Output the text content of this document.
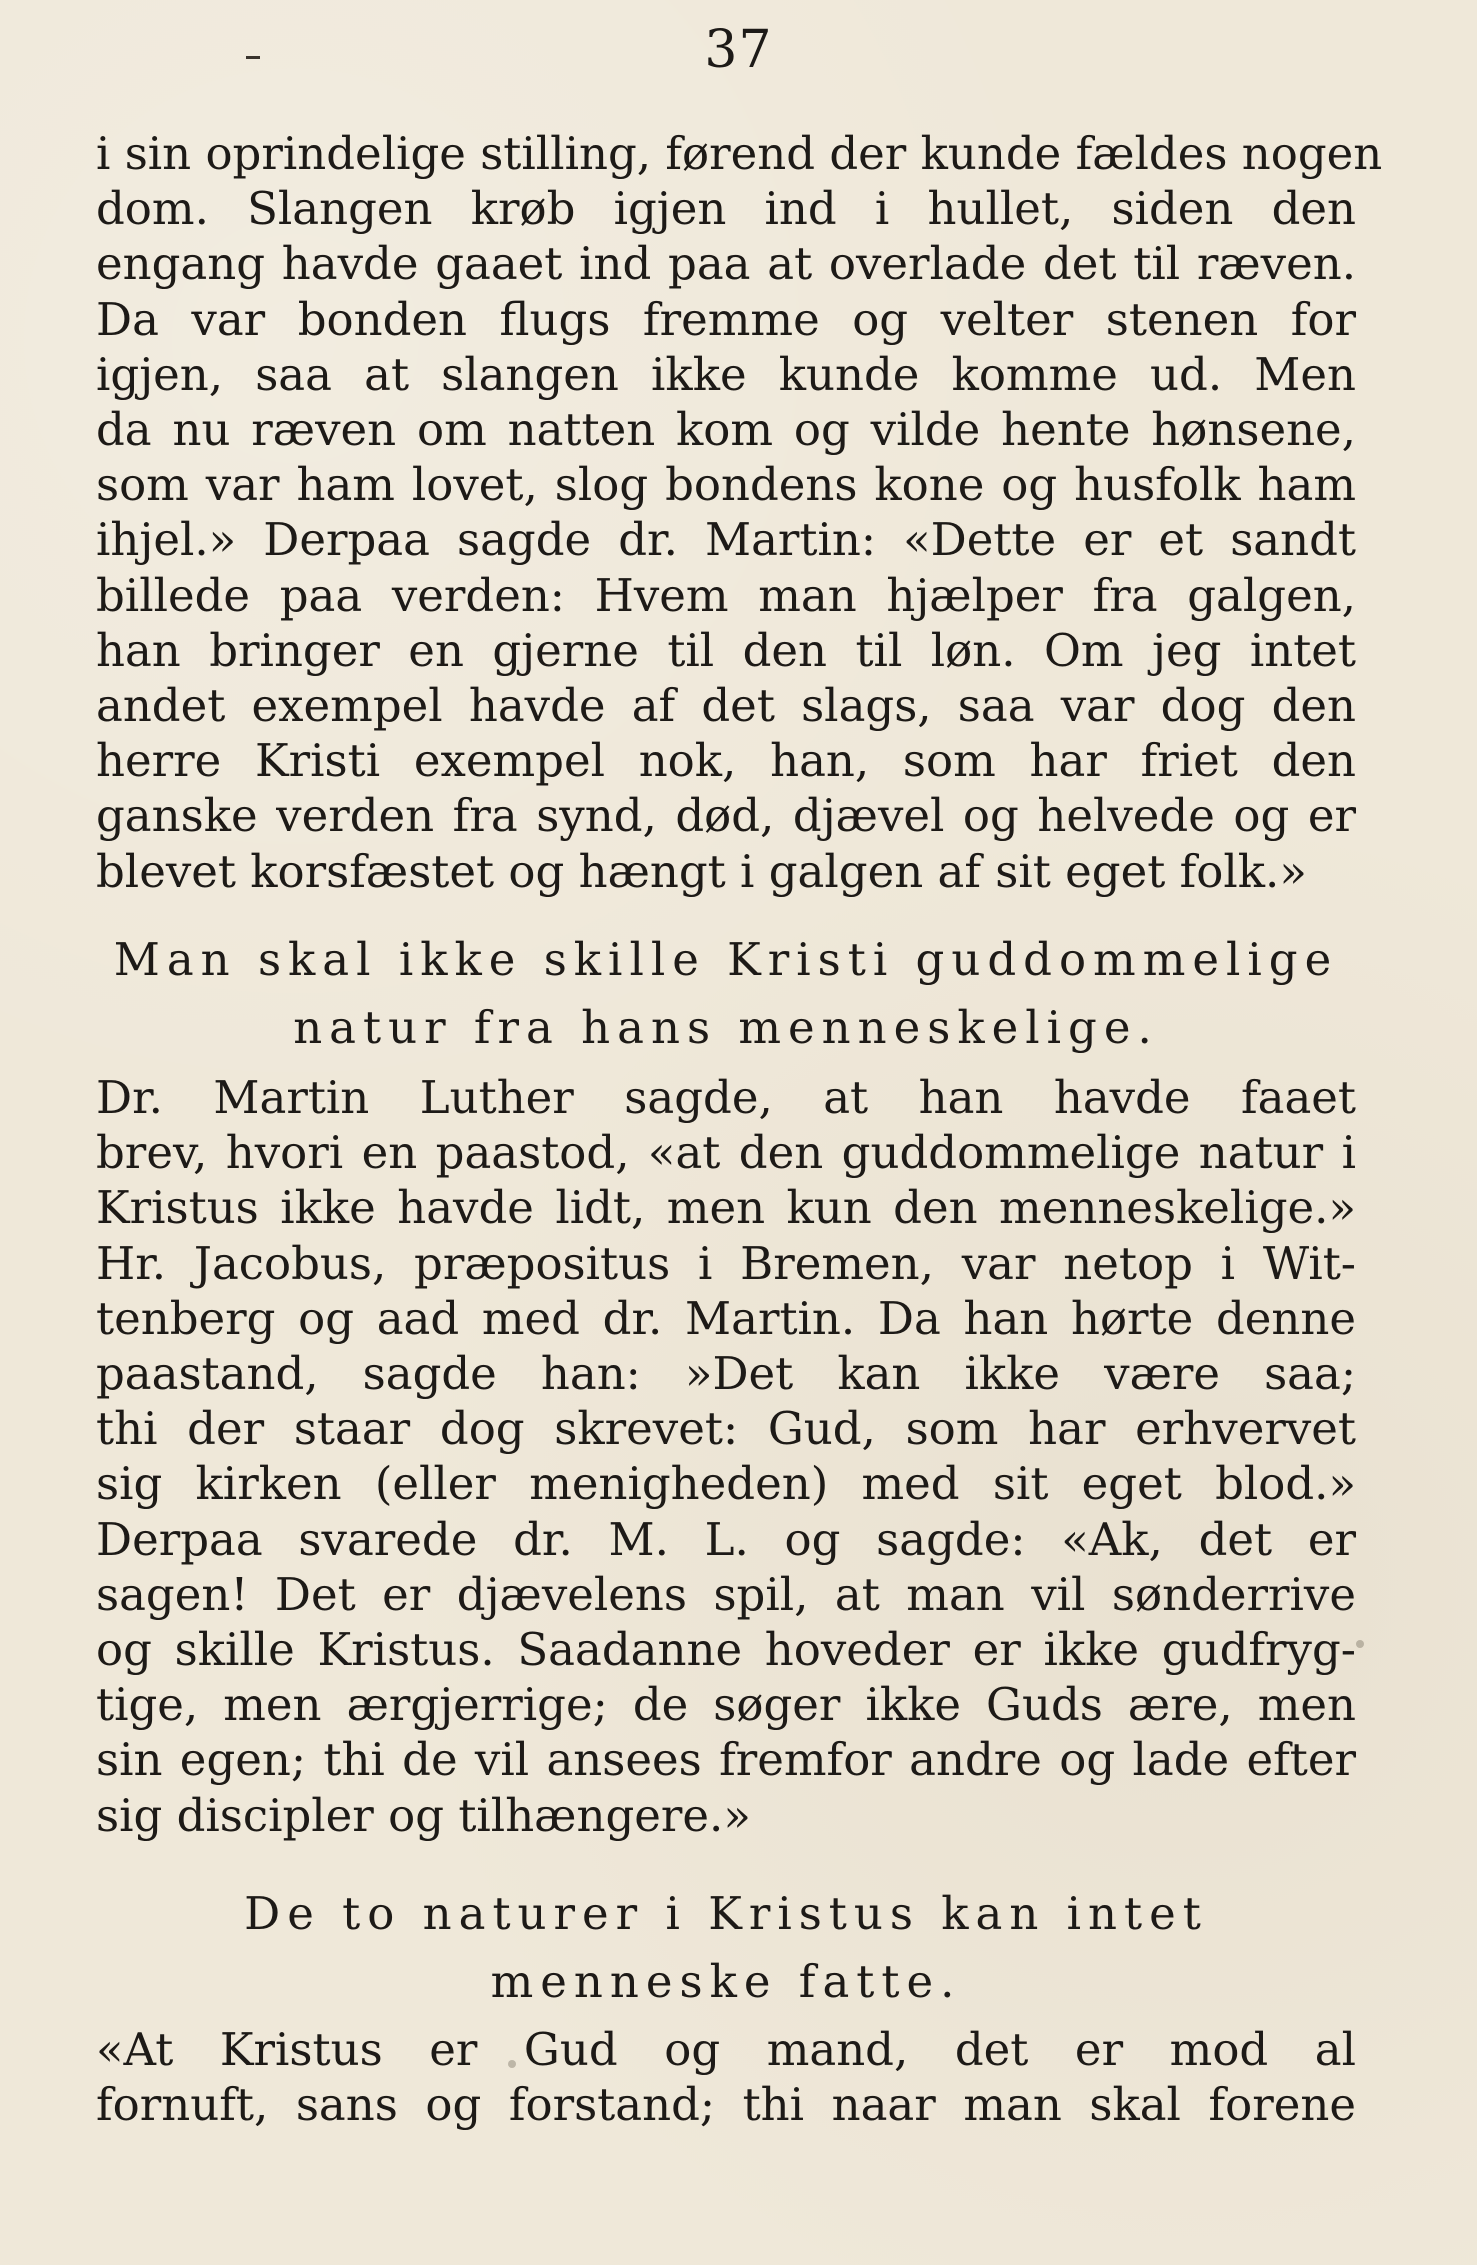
37
i sin oprindelige stilling, førend der kunde fældes nogen
dom. Slangen krøb igjen ind i hullet, siden den
engang havde gaaet ind paa at overlade det til ræven.
Da var bonden flugs fremme og velter stenen for
igjen, saa at slangen ikke kunde komme ud. Men
da nu ræven om natten kom og vilde hente hønsene,
som var ham lovet, slog bondens kone og husfolk ham
ihjel.» Derpaa sagde dr. Martin: «Dette er et sandt
billede paa verden: Hvem man hjælper fra galgen,
han bringer en gjerne til den til løn. Om jeg intet
andet exempel havde af det slags, saa var dog den
herre Kristi exempel nok, han, som har friet den
ganske verden fra synd, død, djævel og helvede og er
blevet korsfæstet og hængt i galgen af sit eget folk.»
Man skal ikke skille Kristi guddommelige
natur fra hans menneskelige.
Dr. Martin Luther sagde, at han havde faaet
brev, hvori en paastod, «at den guddommelige natur i
Kristus ikke havde lidt, men kun den menneskelige.»
Hr. Jacobus, præpositus i Bremen, var netop i Wit-
tenberg og aad med dr. Martin. Da han hørte denne
paastand, sagde han: »Det kan ikke være saa;
thi der staar dog skrevet: Gud, som har erhvervet
sig kirken (eller menigheden) med sit eget blod.»
Derpaa svarede dr. M. L. og sagde: «Ak, det er
sagen! Det er djævelens spil, at man vil sønderrive
og skille Kristus. Saadanne hoveder er ikke gudfryg-
tige, men ærgjerrige; de søger ikke Guds ære, men
sin egen; thi de vil ansees fremfor andre og lade efter
sig discipler og tilhængere.»
De to naturer i Kristus kan intet
menneske fatte.
«At Kristus er Gud og mand, det er mod al
fornuft, sans og forstand; thi naar man skal forene
